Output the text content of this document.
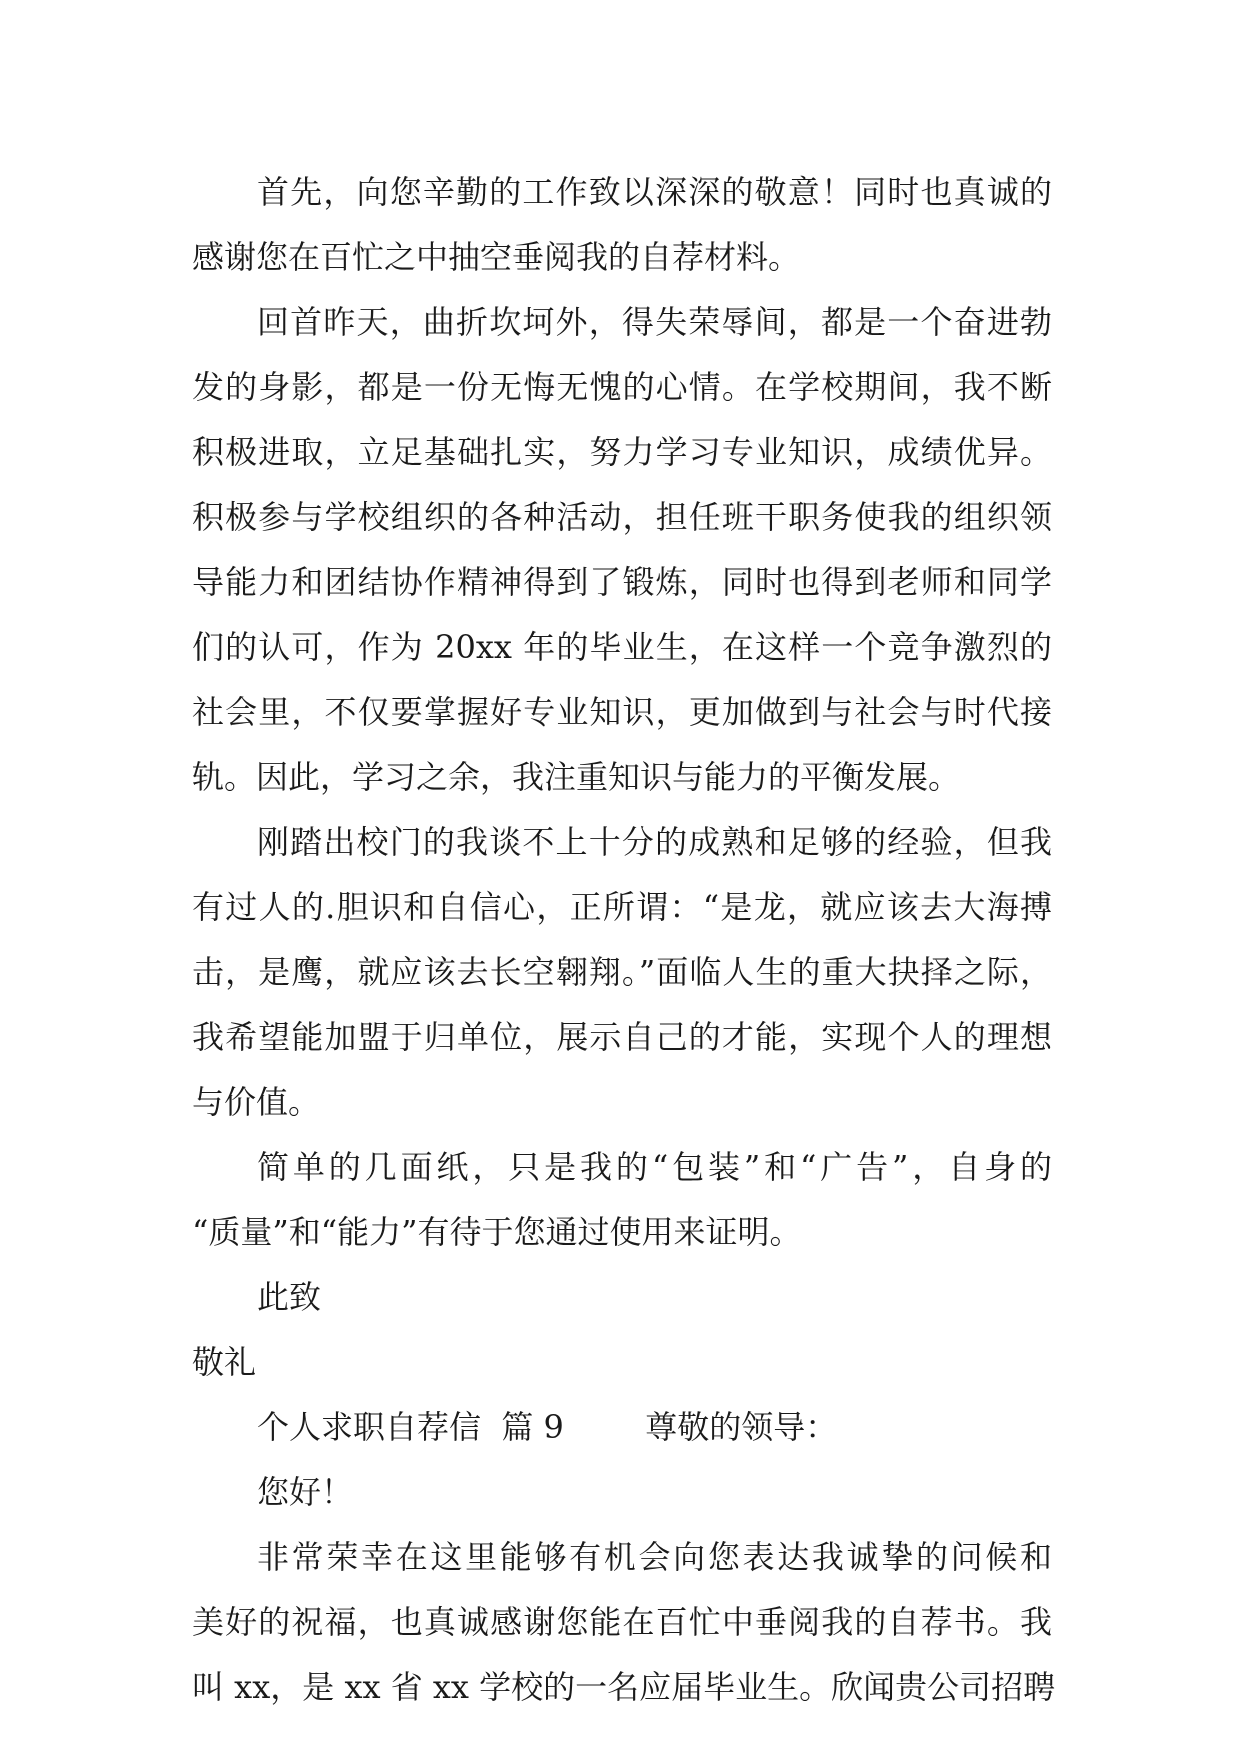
首先，向您辛勤的工作致以深深的敬意！同时也真诚的
感谢您在百忙之中抽空垂阅我的自荐材料。
回首昨天，曲折坎坷外，得失荣辱间，都是一个奋进勃
发的身影，都是一份无悔无愧的心情。在学校期间，我不断
积极进取，立足基础扎实，努力学习专业知识，成绩优异。
积极参与学校组织的各种活动，担任班干职务使我的组织领
导能力和团结协作精神得到了锻炼，同时也得到老师和同学
们的认可，作为 20xx 年的毕业生，在这样一个竞争激烈的
社会里，不仅要掌握好专业知识，更加做到与社会与时代接
轨。因此，学习之余，我注重知识与能力的平衡发展。
刚踏出校门的我谈不上十分的成熟和足够的经验，但我
有过人的.胆识和自信心，正所谓：“是龙，就应该去大海搏
击，是鹰，就应该去长空翱翔。”面临人生的重大抉择之际，
我希望能加盟于归单位，展示自己的才能，实现个人的理想
与价值。
简单的几面纸，只是我的“包装”和“广告”，自身的
“质量”和“能力”有待于您通过使用来证明。
此致
敬礼
个人求职自荐信  篇 9        尊敬的领导：
您好！
非常荣幸在这里能够有机会向您表达我诚挚的问候和
美好的祝福，也真诚感谢您能在百忙中垂阅我的自荐书。我
叫 xx，是 xx 省 xx 学校的一名应届毕业生。欣闻贵公司招聘
